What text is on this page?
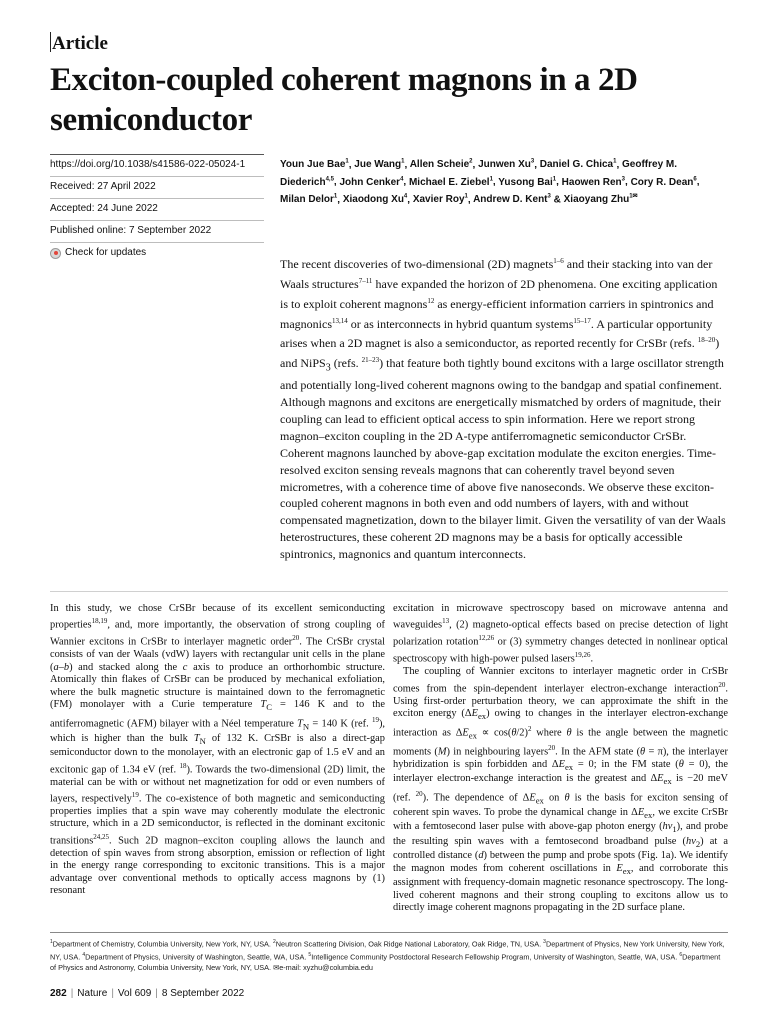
Article
Exciton-coupled coherent magnons in a 2D semiconductor
https://doi.org/10.1038/s41586-022-05024-1
Received: 27 April 2022
Accepted: 24 June 2022
Published online: 7 September 2022
Check for updates
Youn Jue Bae$^1$, Jue Wang$^1$, Allen Scheie$^2$, Junwen Xu$^3$, Daniel G. Chica$^1$, Geoffrey M. Diederich$^{4,5}$, John Cenker$^4$, Michael E. Ziebel$^1$, Yusong Bai$^1$, Haowen Ren$^3$, Cory R. Dean$^6$, Milan Delor$^1$, Xiaodong Xu$^4$, Xavier Roy$^1$, Andrew D. Kent$^3$ & Xiaoyang Zhu$^{1✉}$
The recent discoveries of two-dimensional (2D) magnets$^{1-6}$ and their stacking into van der Waals structures$^{7-11}$ have expanded the horizon of 2D phenomena. One exciting application is to exploit coherent magnons$^{12}$ as energy-efficient information carriers in spintronics and magnonics$^{13,14}$ or as interconnects in hybrid quantum systems$^{15-17}$. A particular opportunity arises when a 2D magnet is also a semiconductor, as reported recently for CrSBr (refs. $^{18-20}$) and NiPS$_3$ (refs. $^{21-23}$) that feature both tightly bound excitons with a large oscillator strength and potentially long-lived coherent magnons owing to the bandgap and spatial confinement. Although magnons and excitons are energetically mismatched by orders of magnitude, their coupling can lead to efficient optical access to spin information. Here we report strong magnon–exciton coupling in the 2D A-type antiferromagnetic semiconductor CrSBr. Coherent magnons launched by above-gap excitation modulate the exciton energies. Time-resolved exciton sensing reveals magnons that can coherently travel beyond seven micrometres, with a coherence time of above five nanoseconds. We observe these exciton-coupled coherent magnons in both even and odd numbers of layers, with and without compensated magnetization, down to the bilayer limit. Given the versatility of van der Waals heterostructures, these coherent 2D magnons may be a basis for optically accessible spintronics, magnonics and quantum interconnects.

In this study, we chose CrSBr because of its excellent semiconducting properties$^{18,19}$, and, more importantly, the observation of strong coupling of Wannier excitons in CrSBr to interlayer magnetic order$^{20}$. The CrSBr crystal consists of van der Waals (vdW) layers with rectangular unit cells in the plane (a–b) and stacked along the c axis to produce an orthorhombic structure. Atomically thin flakes of CrSBr can be produced by mechanical exfoliation, where the bulk magnetic structure is maintained down to the ferromagnetic (FM) monolayer with a Curie temperature $T_C = 146$ K and to the antiferromagnetic (AFM) bilayer with a Néel temperature $T_N = 140$ K (ref. $^{19}$), which is higher than the bulk $T_N$ of 132 K. CrSBr is also a direct-gap semiconductor down to the monolayer, with an electronic gap of 1.5 eV and an excitonic gap of 1.34 eV (ref. $^{18}$). Towards the two-dimensional (2D) limit, the material can be with or without net magnetization for odd or even numbers of layers, respectively$^{19}$. The co-existence of both magnetic and semiconducting properties implies that a spin wave may coherently modulate the electronic structure, which in a 2D semiconductor, is reflected in the dominant excitonic transitions$^{24,25}$. Such 2D magnon–exciton coupling allows the launch and detection of spin waves from strong absorption, emission or reflection of light in the energy range corresponding to excitonic transitions. This is a major advantage over conventional methods to optically access magnons by (1) resonant

excitation in microwave spectroscopy based on microwave antenna and waveguides$^{13}$, (2) magneto-optical effects based on precise detection of light polarization rotation$^{12,26}$ or (3) symmetry changes detected in nonlinear optical spectroscopy with high-power pulsed lasers$^{19,26}$.

The coupling of Wannier excitons to interlayer magnetic order in CrSBr comes from the spin-dependent interlayer electron-exchange interaction$^{20}$. Using first-order perturbation theory, we can approximate the shift in the exciton energy $(\Delta E_{ex})$ owing to changes in the interlayer electron-exchange interaction as $\Delta E_{ex} \propto \cos(\theta/2)^2$ where θ is the angle between the magnetic moments (M) in neighbouring layers$^{20}$. In the AFM state (θ = π), the interlayer hybridization is spin forbidden and $\Delta E_{ex} = 0$; in the FM state (θ = 0), the interlayer electron-exchange interaction is the greatest and $\Delta E_{ex}$ is −20 meV (ref. $^{20}$). The dependence of $\Delta E_{ex}$ on θ is the basis for exciton sensing of coherent spin waves. To probe the dynamical change in $\Delta E_{ex}$, we excite CrSBr with a femtosecond laser pulse with above-gap photon energy $(h\nu_1)$, and probe the resulting spin waves with a femtosecond broadband pulse $(h\nu_2)$ at a controlled distance (d) between the pump and probe spots (Fig. 1a). We identify the magnon modes from coherent oscillations in $E_{ex}$, and corroborate this assignment with frequency-domain magnetic resonance spectroscopy. The long-lived coherent magnons and their strong coupling to excitons allow us to directly image coherent magnons propagating in the 2D surface plane.

$^1$Department of Chemistry, Columbia University, New York, NY, USA. $^2$Neutron Scattering Division, Oak Ridge National Laboratory, Oak Ridge, TN, USA. $^3$Department of Physics, New York University, New York, NY, USA. $^4$Department of Physics, University of Washington, Seattle, WA, USA. $^5$Intelligence Community Postdoctoral Research Fellowship Program, University of Washington, Seattle, WA, USA. $^6$Department of Physics and Astronomy, Columbia University, New York, NY, USA. ✉e-mail: xyzhu@columbia.edu
282 | Nature | Vol 609 | 8 September 2022
